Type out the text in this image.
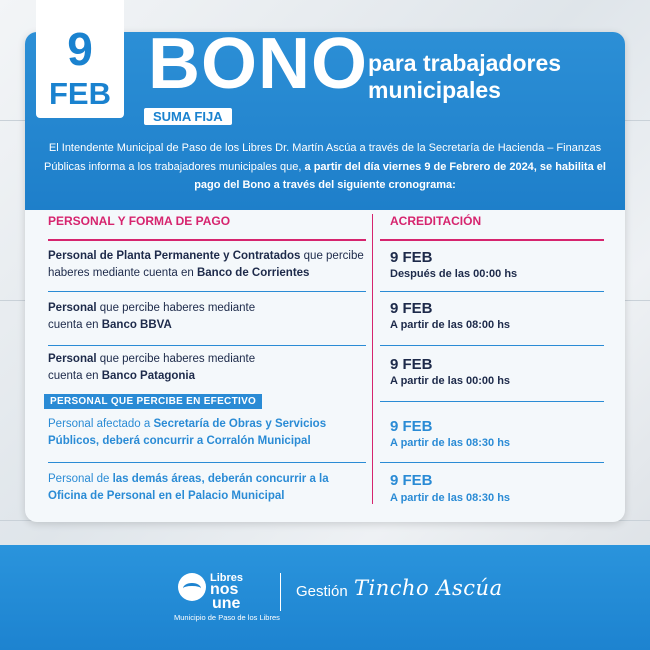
9
FEB BONO
SUMA FIJA
para trabajadores
municipales
El Intendente Municipal de Paso de los Libres Dr. Martín Ascúa a través de la Secretaría de Hacienda – Finanzas Públicas informa a los trabajadores municipales que, a partir del día viernes 9 de Febrero de 2024, se habilita el pago del Bono a través del siguiente cronograma:
PERSONAL Y FORMA DE PAGO	ACREDITACIÓN
Personal de Planta Permanente y Contratados que percibe haberes mediante cuenta en Banco de Corrientes
9 FEB
Después de las 00:00 hs
Personal que percibe haberes mediante cuenta en Banco BBVA
9 FEB
A partir de las 08:00 hs
Personal que percibe haberes mediante cuenta en Banco Patagonia
9 FEB
A partir de las 00:00 hs
PERSONAL QUE PERCIBE EN EFECTIVO
Personal afectado a Secretaría de Obras y Servicios Públicos, deberá concurrir a Corralón Municipal
9 FEB
A partir de las 08:30 hs
Personal de las demás áreas, deberán concurrir a la Oficina de Personal en el Palacio Municipal
9 FEB
A partir de las 08:30 hs
Libres
nos
une
Municipio de Paso de los Libres
Gestión Tincho Ascúa
